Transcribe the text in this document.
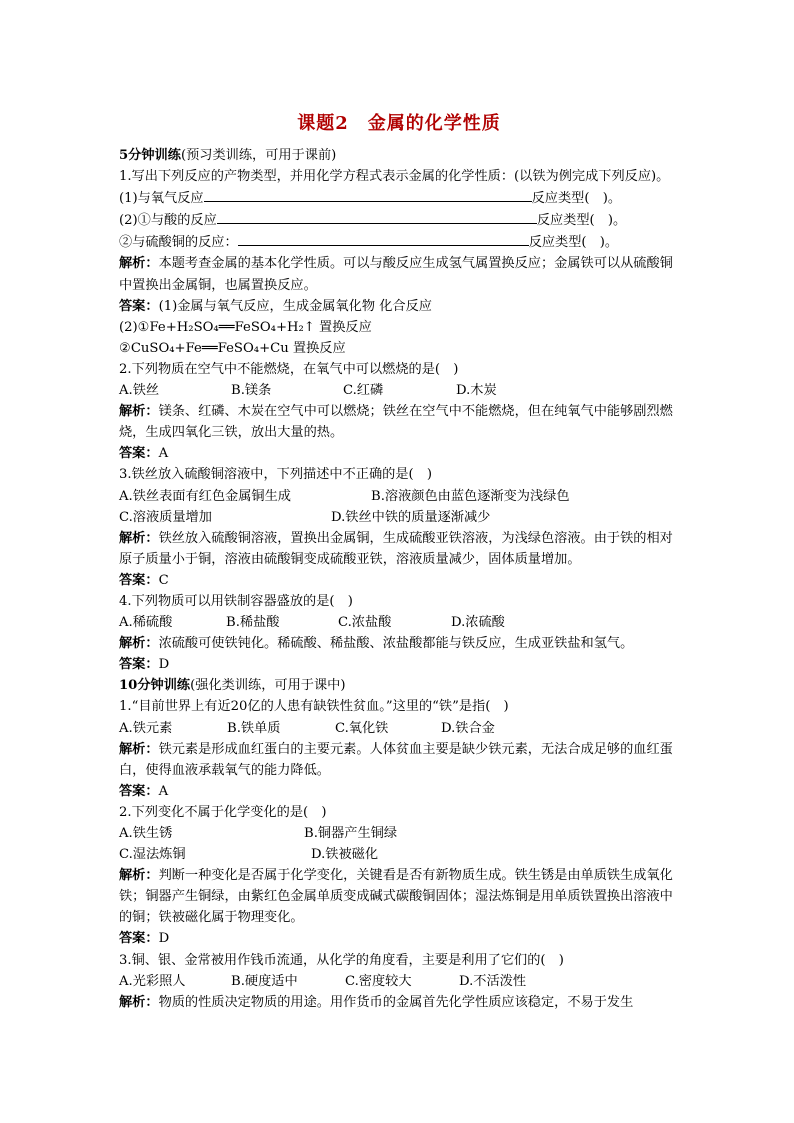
课题2　金属的化学性质
5分钟训练(预习类训练，可用于课前)
1.写出下列反应的产物类型，并用化学方程式表示金属的化学性质：(以铁为例完成下列反应)。
(1)与氧气反应	反应类型(　)。
(2)①与酸的反应	反应类型(　)。
②与硫酸铜的反应：	反应类型(　)。
解析：本题考查金属的基本化学性质。可以与酸反应生成氢气属置换反应；金属铁可以从硫酸铜中置换出金属铜，也属置换反应。
答案：(1)金属与氧气反应，生成金属氧化物 化合反应
(2)①Fe+H₂SO₄══FeSO₄+H₂↑ 置换反应
②CuSO₄+Fe══FeSO₄+Cu 置换反应
2.下列物质在空气中不能燃烧，在氧气中可以燃烧的是(　)
A.铁丝	B.镁条	C.红磷	D.木炭
解析：镁条、红磷、木炭在空气中可以燃烧；铁丝在空气中不能燃烧，但在纯氧气中能够剧烈燃烧，生成四氧化三铁，放出大量的热。
答案：A
3.铁丝放入硫酸铜溶液中，下列描述中不正确的是(　)
A.铁丝表面有红色金属铜生成	B.溶液颜色由蓝色逐渐变为浅绿色
C.溶液质量增加	D.铁丝中铁的质量逐渐减少
解析：铁丝放入硫酸铜溶液，置换出金属铜，生成硫酸亚铁溶液，为浅绿色溶液。由于铁的相对原子质量小于铜，溶液由硫酸铜变成硫酸亚铁，溶液质量减少，固体质量增加。
答案：C
4.下列物质可以用铁制容器盛放的是(　)
A.稀硫酸	B.稀盐酸	C.浓盐酸	D.浓硫酸
解析：浓硫酸可使铁钝化。稀硫酸、稀盐酸、浓盐酸都能与铁反应，生成亚铁盐和氢气。
答案：D
10分钟训练(强化类训练，可用于课中)
1.“目前世界上有近20亿的人患有缺铁性贫血。”这里的“铁”是指(　)
A.铁元素	B.铁单质	C.氧化铁	D.铁合金
解析：铁元素是形成血红蛋白的主要元素。人体贫血主要是缺少铁元素，无法合成足够的血红蛋白，使得血液承载氧气的能力降低。
答案：A
2.下列变化不属于化学变化的是(　)
A.铁生锈	B.铜器产生铜绿
C.湿法炼铜	D.铁被磁化
解析：判断一种变化是否属于化学变化，关键看是否有新物质生成。铁生锈是由单质铁生成氧化铁；铜器产生铜绿，由紫红色金属单质变成碱式碳酸铜固体；湿法炼铜是用单质铁置换出溶液中的铜；铁被磁化属于物理变化。
答案：D
3.铜、银、金常被用作钱币流通，从化学的角度看，主要是利用了它们的(　)
A.光彩照人	B.硬度适中	C.密度较大	D.不活泼性
解析：物质的性质决定物质的用途。用作货币的金属首先化学性质应该稳定，不易于发生
